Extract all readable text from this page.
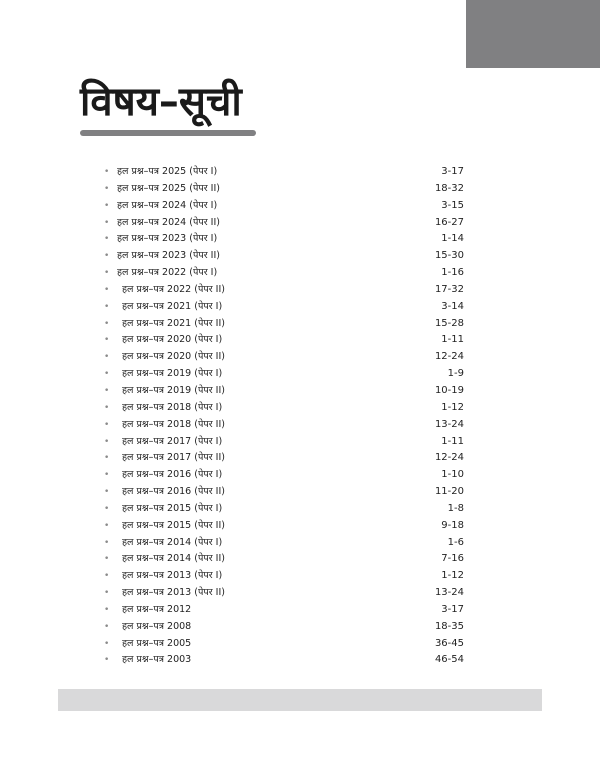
विषय–सूची
• हल प्रश्न–पत्र 2025 (पेपर I)	3-17
• हल प्रश्न–पत्र 2025 (पेपर II)	18-32
• हल प्रश्न–पत्र 2024 (पेपर I)	3-15
• हल प्रश्न–पत्र 2024 (पेपर II)	16-27
• हल प्रश्न–पत्र 2023 (पेपर I)	1-14
• हल प्रश्न–पत्र 2023 (पेपर II)	15-30
• हल प्रश्न–पत्र 2022 (पेपर I)	1-16
•	हल प्रश्न–पत्र 2022 (पेपर II)	17-32
•	हल प्रश्न–पत्र 2021 (पेपर I)	3-14
•	हल प्रश्न–पत्र 2021 (पेपर II)	15-28
•	हल प्रश्न–पत्र 2020 (पेपर I)	1-11
•	हल प्रश्न–पत्र 2020 (पेपर II)	12-24
•	हल प्रश्न–पत्र 2019 (पेपर I)	1-9
•	हल प्रश्न–पत्र 2019 (पेपर II)	10-19
•	हल प्रश्न–पत्र 2018 (पेपर I)	1-12
•	हल प्रश्न–पत्र 2018 (पेपर II)	13-24
•	हल प्रश्न–पत्र 2017 (पेपर I)	1-11
•	हल प्रश्न–पत्र 2017 (पेपर II)	12-24
•	हल प्रश्न–पत्र 2016 (पेपर I)	1-10
•	हल प्रश्न–पत्र 2016 (पेपर II)	11-20
•	हल प्रश्न–पत्र 2015 (पेपर I)	1-8
•	हल प्रश्न–पत्र 2015 (पेपर II)	9-18
•	हल प्रश्न–पत्र 2014 (पेपर I)	1-6
•	हल प्रश्न–पत्र 2014 (पेपर II)	7-16
•	हल प्रश्न–पत्र 2013 (पेपर I)	1-12
•	हल प्रश्न–पत्र 2013 (पेपर II)	13-24
•	हल प्रश्न–पत्र 2012	3-17
•	हल प्रश्न–पत्र 2008	18-35
•	हल प्रश्न–पत्र 2005	36-45
•	हल प्रश्न–पत्र 2003	46-54
